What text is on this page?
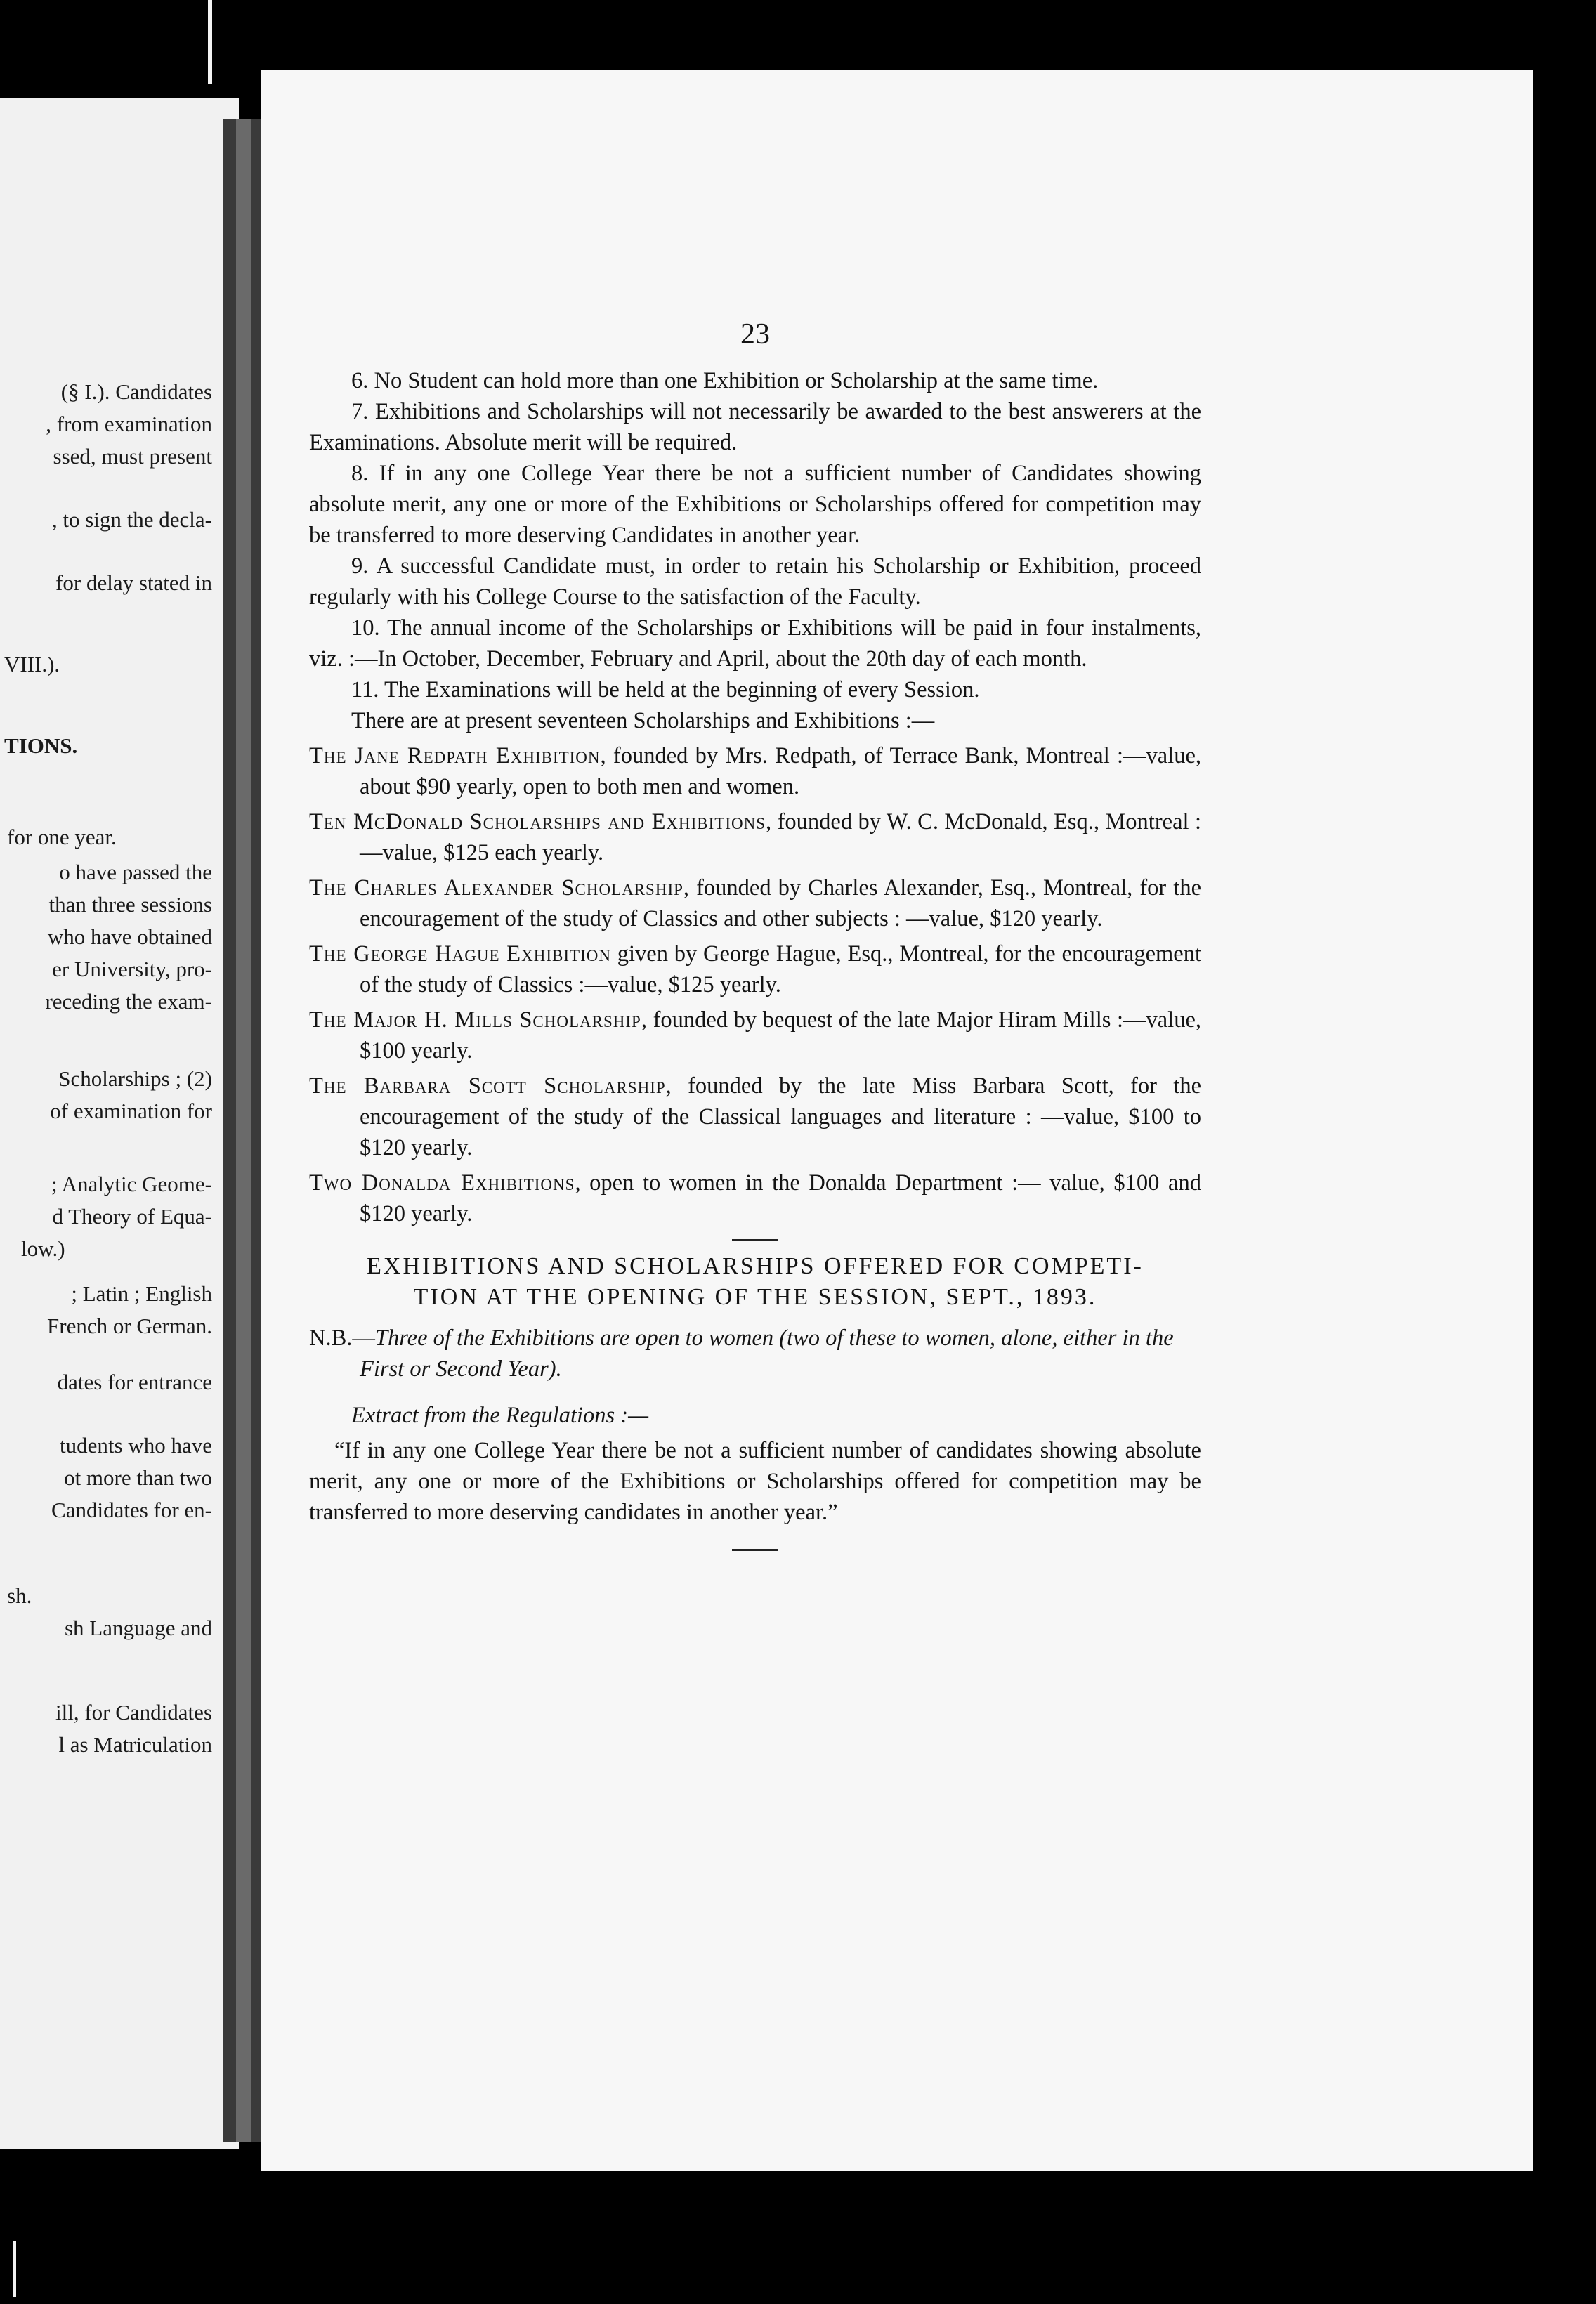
(§ I.). Candidates
, from examination
ssed, must present
, to sign the decla-
for delay stated in
VIII.).
TIONS.
for one year.
o have passed the
than three sessions
who have obtained
er University, pro-
receding the exam-
Scholarships ; (2)
of examination for
; Analytic Geome-
d Theory of Equa-
low.)
; Latin ; English
French or German.
dates for entrance
tudents who have
ot more than two
Candidates for en-
sh.
sh Language and
ill, for Candidates
l as Matriculation
23

6. No Student can hold more than one Exhibition or Scholarship at the same time.

7. Exhibitions and Scholarships will not necessarily be awarded to the best answerers at the Examinations. Absolute merit will be required.

8. If in any one College Year there be not a sufficient number of Candidates showing absolute merit, any one or more of the Exhibitions or Scholarships offered for competition may be transferred to more deserving Candidates in another year.

9. A successful Candidate must, in order to retain his Scholarship or Exhibition, proceed regularly with his College Course to the satisfaction of the Faculty.

10. The annual income of the Scholarships or Exhibitions will be paid in four instalments, viz. :—In October, December, February and April, about the 20th day of each month.

11. The Examinations will be held at the beginning of every Session.

There are at present seventeen Scholarships and Exhibitions :—

The Jane Redpath Exhibition, founded by Mrs. Redpath, of Terrace Bank, Montreal :—value, about $90 yearly, open to both men and women.
Ten McDonald Scholarships and Exhibitions, founded by W. C. McDonald, Esq., Montreal :—value, $125 each yearly.
The Charles Alexander Scholarship, founded by Charles Alexander, Esq., Montreal, for the encouragement of the study of Classics and other subjects : —value, $120 yearly.
The George Hague Exhibition given by George Hague, Esq., Montreal, for the encouragement of the study of Classics :—value, $125 yearly.
The Major H. Mills Scholarship, founded by bequest of the late Major Hiram Mills :—value, $100 yearly.
The Barbara Scott Scholarship, founded by the late Miss Barbara Scott, for the encouragement of the study of the Classical languages and literature : —value, $100 to $120 yearly.
Two Donalda Exhibitions, open to women in the Donalda Department :— value, $100 and $120 yearly.
EXHIBITIONS AND SCHOLARSHIPS OFFERED FOR COMPETI-
TION AT THE OPENING OF THE SESSION, SEPT., 1893.
N.B.—Three of the Exhibitions are open to women (two of these to women, alone, either in the First or Second Year).
Extract from the Regulations :—

“If in any one College Year there be not a sufficient number of candidates showing absolute merit, any one or more of the Exhibitions or Scholarships offered for competition may be transferred to more deserving candidates in another year.”
